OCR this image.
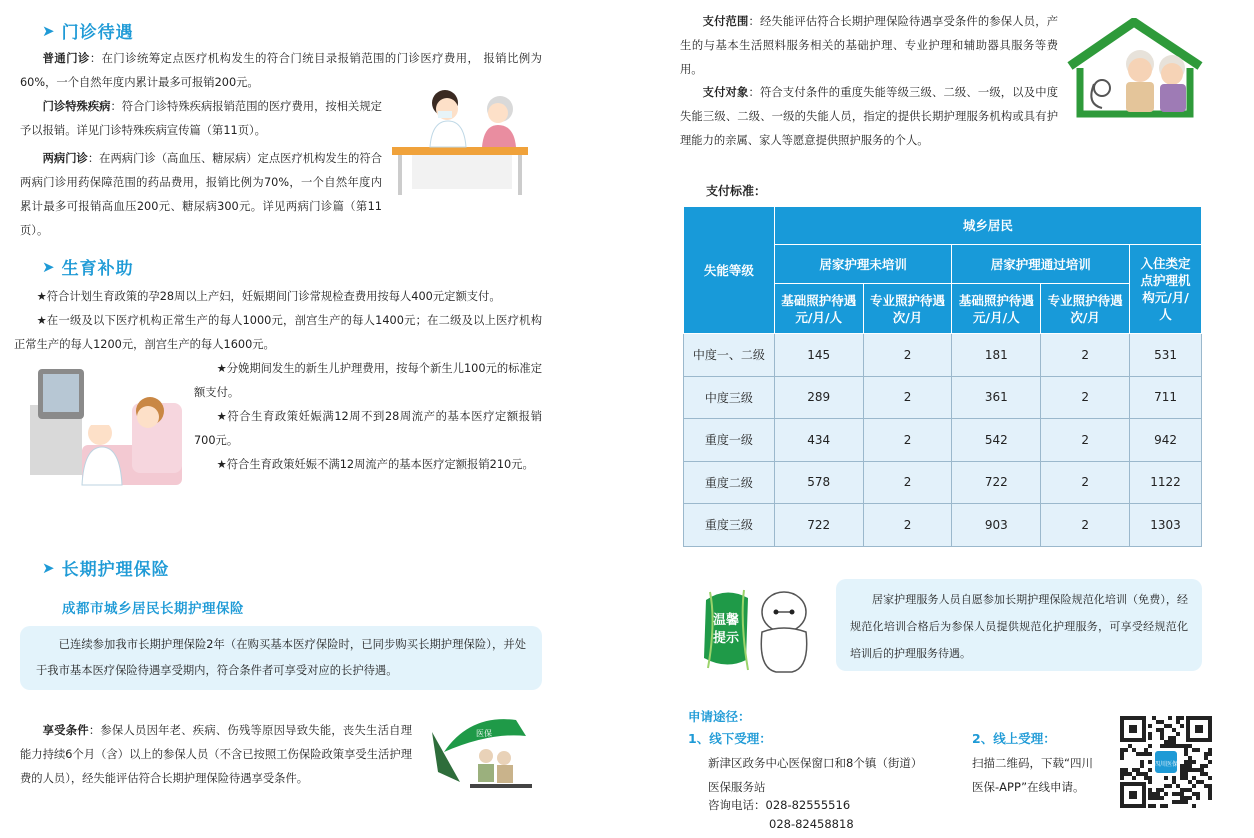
➤ 门诊待遇

普通门诊：在门诊统筹定点医疗机构发生的符合门统目录报销范围的门诊医疗费用， 报销比例为60%，一个自然年度内累计最多可报销200元。

门诊特殊疾病：符合门诊特殊疾病报销范围的医疗费用，按相关规定予以报销。详见门诊特殊疾病宣传篇（第11页）。

两病门诊：在两病门诊（高血压、糖尿病）定点医疗机构发生的符合两病门诊用药保障范围的药品费用，报销比例为70%，一个自然年度内累计最多可报销高血压200元、糖尿病300元。详见两病门诊篇（第11页）。

➤ 生育补助

★符合计划生育政策的孕28周以上产妇，妊娠期间门诊常规检查费用按每人400元定额支付。

★在一级及以下医疗机构正常生产的每人1000元，剖宫生产的每人1400元；在二级及以上医疗机构正常生产的每人1200元，剖宫生产的每人1600元。

★分娩期间发生的新生儿护理费用，按每个新生儿100元的标准定额支付。

★符合生育政策妊娠满12周不到28周流产的基本医疗定额报销700元。

★符合生育政策妊娠不满12周流产的基本医疗定额报销210元。

➤ 长期护理保险
成都市城乡居民长期护理保险

已连续参加我市长期护理保险2年（在购买基本医疗保险时，已同步购买长期护理保险），并处于我市基本医疗保险待遇享受期内，符合条件者可享受对应的长护待遇。

享受条件：参保人员因年老、疾病、伤残等原因导致失能，丧失生活自理能力持续6个月（含）以上的参保人员（不含已按照工伤保险政策享受生活护理费的人员），经失能评估符合长期护理保险待遇享受条件。

医保

支付范围：经失能评估符合长期护理保险待遇享受条件的参保人员，产生的与基本生活照料服务相关的基础护理、专业护理和辅助器具服务等费用。

支付对象：符合支付条件的重度失能等级三级、二级、一级，以及中度失能三级、二级、一级的失能人员，指定的提供长期护理服务机构或具有护理能力的亲属、家人等愿意提供照护服务的个人。

支付标准：
失能等级	城乡居民				
	居家护理未培训		居家护理通过培训		入住类定点护理机构元/月/人
	基础照护待遇元/月/人	专业照护待遇次/月	基础照护待遇元/月/人	专业照护待遇次/月	
中度一、二级	145	2	181	2	531
中度三级	289	2	361	2	711
重度一级	434	2	542	2	942
重度二级	578	2	722	2	1122
重度三级	722	2	903	2	1303
温馨
提示

居家护理服务人员自愿参加长期护理保险规范化培训（免费），经规范化培训合格后为参保人员提供规范化护理服务，可享受经规范化培训后的护理服务待遇。

申请途径：
1、线下受理：
新津区政务中心医保窗口和8个镇（街道）
医保服务站
咨询电话：028-82555516
028-82458818
2、线上受理：
扫描二维码，下载“四川
医保-APP”在线申请。
四川医保
